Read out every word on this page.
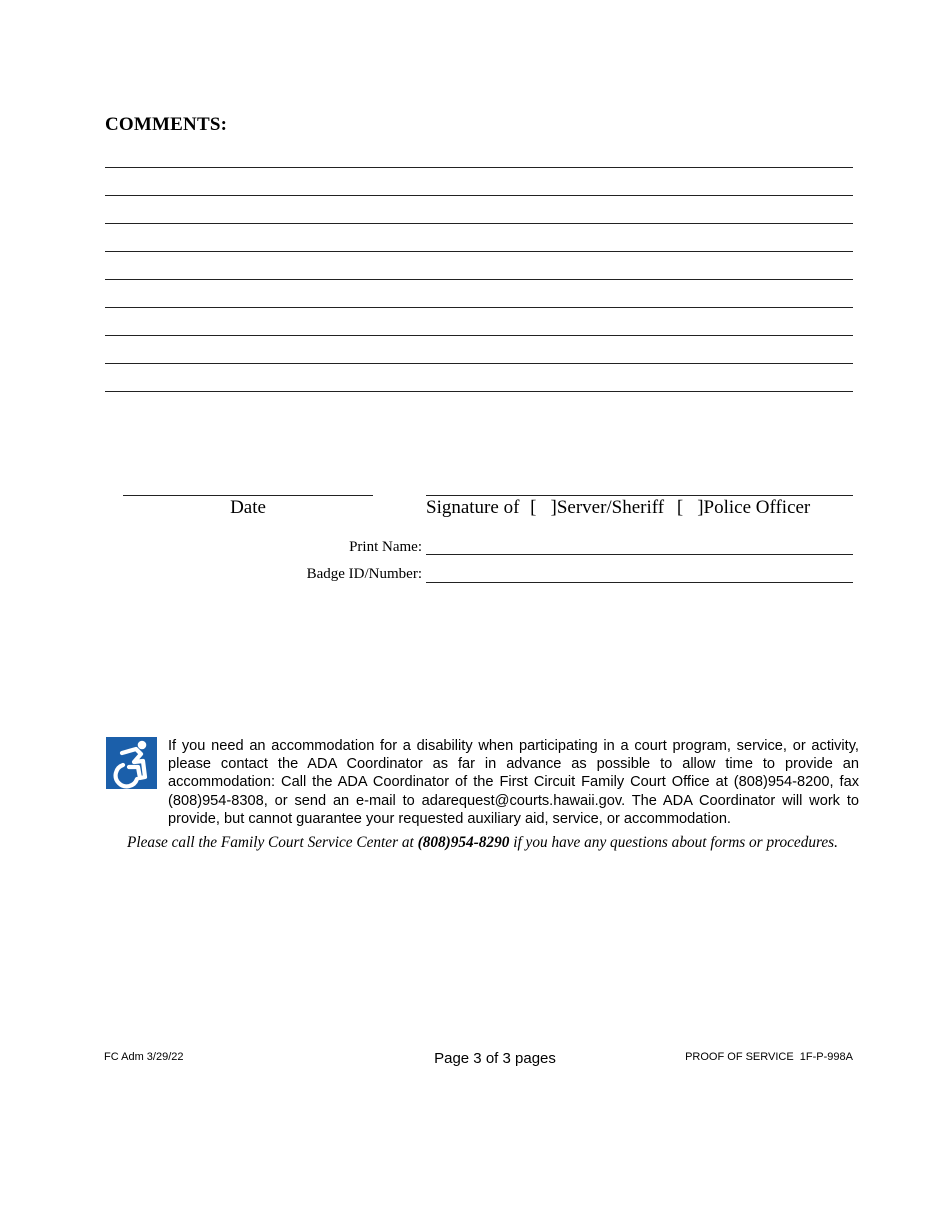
COMMENTS:
Date	Signature of [ ]Server/Sheriff [ ]Police Officer
Print Name:
Badge ID/Number:
If you need an accommodation for a disability when participating in a court program, service, or activity, please contact the ADA Coordinator as far in advance as possible to allow time to provide an accommodation: Call the ADA Coordinator of the First Circuit Family Court Office at (808)954-8200, fax (808)954-8308, or send an e-mail to adarequest@courts.hawaii.gov. The ADA Coordinator will work to provide, but cannot guarantee your requested auxiliary aid, service, or accommodation.
Please call the Family Court Service Center at (808)954-8290 if you have any questions about forms or procedures.
FC Adm 3/29/22	Page 3 of 3 pages	PROOF OF SERVICE  1F-P-998A
